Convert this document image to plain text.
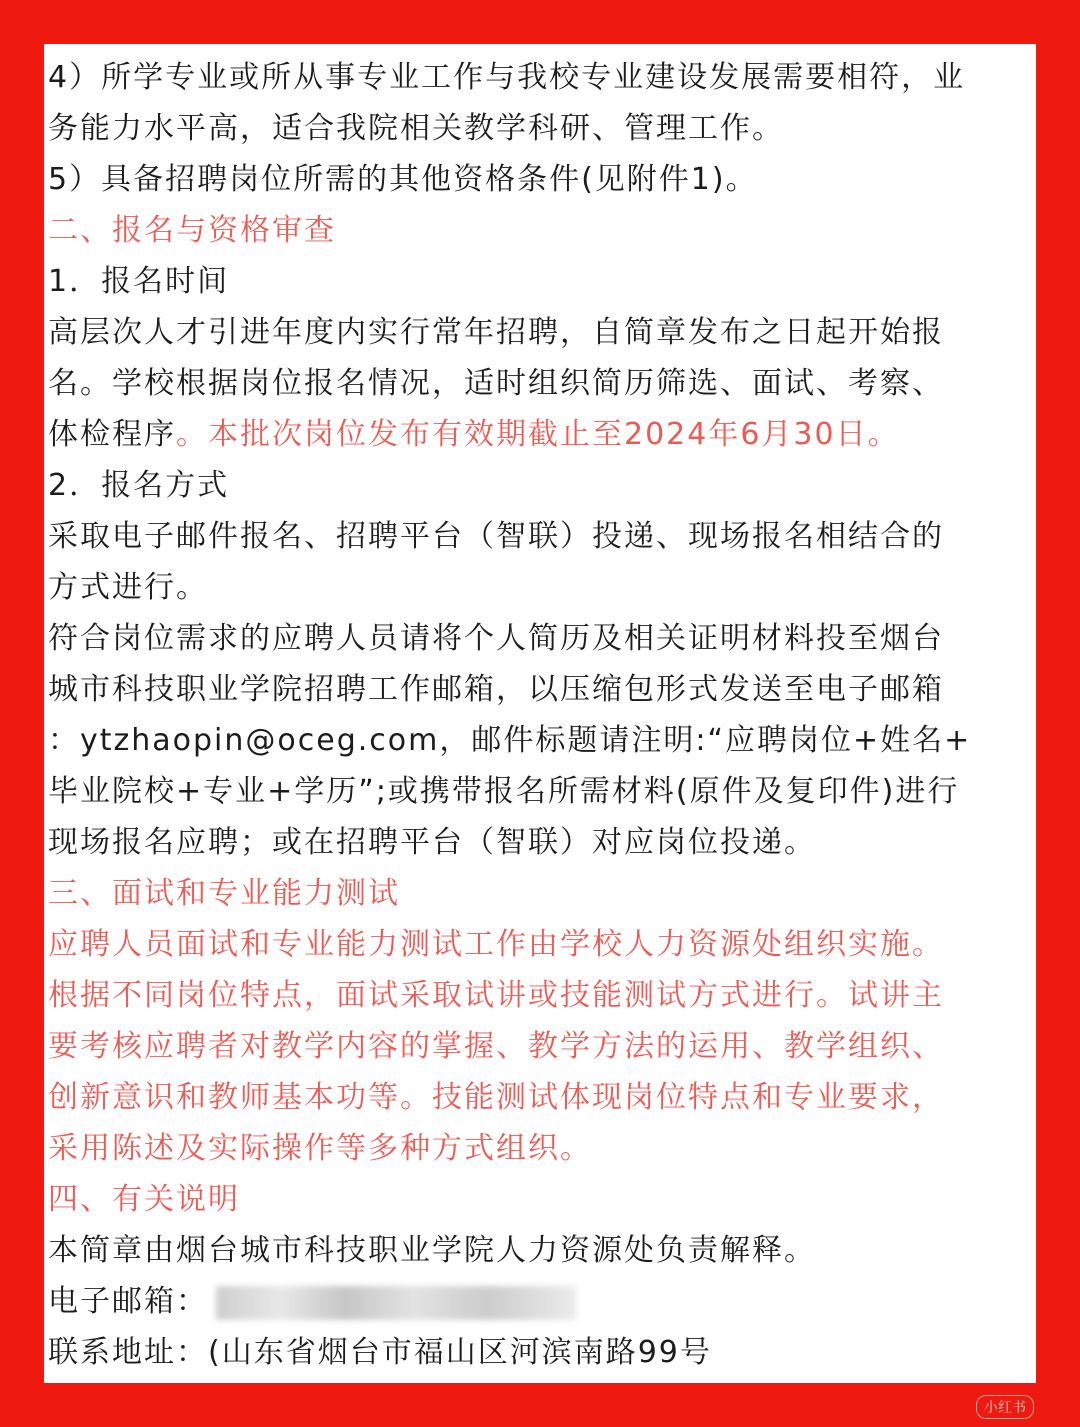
4）所学专业或所从事专业工作与我校专业建设发展需要相符，业
务能力水平高，适合我院相关教学科研、管理工作。
5）具备招聘岗位所需的其他资格条件(见附件1)。
二、报名与资格审查
1．报名时间
高层次人才引进年度内实行常年招聘，自简章发布之日起开始报
名。学校根据岗位报名情况，适时组织简历筛选、面试、考察、
体检程序。本批次岗位发布有效期截止至2024年6月30日。
2．报名方式
采取电子邮件报名、招聘平台（智联）投递、现场报名相结合的
方式进行。
符合岗位需求的应聘人员请将个人简历及相关证明材料投至烟台
城市科技职业学院招聘工作邮箱，以压缩包形式发送至电子邮箱
：ytzhaopin@oceg.com，邮件标题请注明:“应聘岗位+姓名+
毕业院校+专业+学历”;或携带报名所需材料(原件及复印件)进行
现场报名应聘；或在招聘平台（智联）对应岗位投递。
三、面试和专业能力测试
应聘人员面试和专业能力测试工作由学校人力资源处组织实施。
根据不同岗位特点，面试采取试讲或技能测试方式进行。试讲主
要考核应聘者对教学内容的掌握、教学方法的运用、教学组织、
创新意识和教师基本功等。技能测试体现岗位特点和专业要求，
采用陈述及实际操作等多种方式组织。
四、有关说明
本简章由烟台城市科技职业学院人力资源处负责解释。
电子邮箱：
联系地址：(山东省烟台市福山区河滨南路99号
小红书
